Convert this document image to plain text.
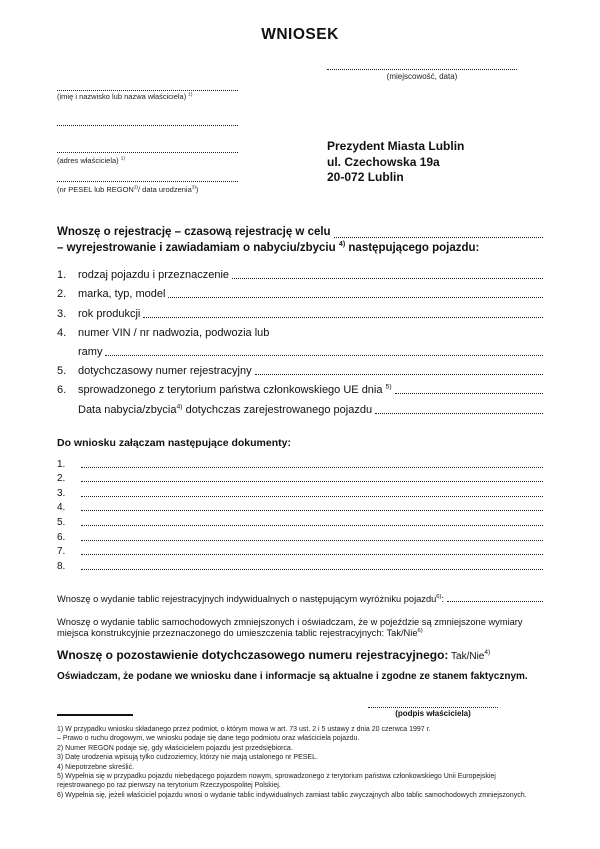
WNIOSEK
(miejscowość, data)
(imię i nazwisko lub nazwa właściciela) $^{1)}$
(adres właściciela) $^{1)}$
(nr PESEL lub REGON$^{2)}$/ data urodzenia$^{3)}$)
Prezydent Miasta Lublin
ul. Czechowska 19a
20-072 Lublin
Wnoszę o rejestrację – czasową rejestrację w celu
– wyrejestrowanie i zawiadamiam o nabyciu/zbyciu $^{4)}$ następującego pojazdu:
1.	rodzaj pojazdu i przeznaczenie
2.	marka, typ, model
3.	rok produkcji
4.	numer VIN / nr nadwozia, podwozia lub
ramy
5.	dotychczasowy numer rejestracyjny
6.	sprowadzonego z terytorium państwa członkowskiego UE dnia $^{5)}$
Data nabycia/zbycia$^{4)}$ dotychczas zarejestrowanego pojazdu
Do wniosku załączam następujące dokumenty:
1.
2.
3.
4.
5.
6.
7.
8.
Wnoszę o wydanie tablic rejestracyjnych indywidualnych o następującym wyróżniku pojazdu$^{6)}$:
Wnoszę o wydanie tablic samochodowych zmniejszonych i oświadczam, że w pojeździe są zmniejszone wymiary
miejsca konstrukcyjnie przeznaczonego do umieszczenia tablic rejestracyjnych: Tak/Nie$^{6)}$
Wnoszę o pozostawienie dotychczasowego numeru rejestracyjnego: Tak/Nie$^{4)}$
Oświadczam, że podane we wniosku dane i informacje są aktualne i zgodne ze stanem faktycznym.
(podpis właściciela)
1) W przypadku wniosku składanego przez podmiot, o którym mowa w art. 73 ust. 2 i 5 ustawy z dnia 20 czerwca 1997 r.
– Prawo o ruchu drogowym, we wniosku podaje się dane tego podmiotu oraz właściciela pojazdu.
2) Numer REGON podaje się, gdy właścicielem pojazdu jest przedsiębiorca.
3) Datę urodzenia wpisują tylko cudzoziemcy, którzy nie mają ustalonego nr PESEL.
4) Niepotrzebne skreślić.
5) Wypełnia się w przypadku pojazdu niebędącego pojazdem nowym, sprowadzonego z terytorium państwa członkowskiego Unii Europejskiej
rejestrowanego po raz pierwszy na terytorium Rzeczypospolitej Polskiej.
6) Wypełnia się, jeżeli właściciel pojazdu wnosi o wydanie tablic indywidualnych zamiast tablic zwyczajnych albo tablic samochodowych zmniejszonych.
